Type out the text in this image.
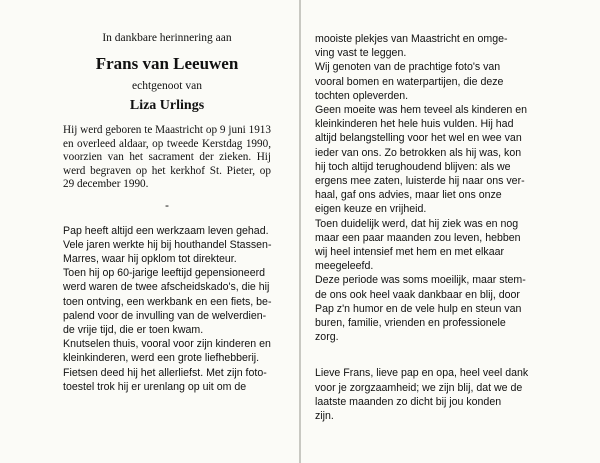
In dankbare herinnering aan
Frans van Leeuwen
echtgenoot van
Liza Urlings

Hij werd geboren te Maastricht op 9 juni 1913 en overleed aldaar, op tweede Kerstdag 1990, voorzien van het sacrament der zieken. Hij werd begraven op het kerkhof St. Pieter, op 29 december 1990.

-
Pap heeft altijd een werkzaam leven gehad.
Vele jaren werkte hij bij houthandel Stassen-
Marres, waar hij opklom tot direkteur.
Toen hij op 60-jarige leeftijd gepensioneerd
werd waren de twee afscheidskado's, die hij
toen ontving, een werkbank en een fiets, be-
palend voor de invulling van de welverdien-
de vrije tijd, die er toen kwam.
Knutselen thuis, vooral voor zijn kinderen en
kleinkinderen, werd een grote liefhebberij.
Fietsen deed hij het allerliefst. Met zijn foto-
toestel trok hij er urenlang op uit om de
mooiste plekjes van Maastricht en omge-
ving vast te leggen.
Wij genoten van de prachtige foto's van
vooral bomen en waterpartijen, die deze
tochten opleverden.
Geen moeite was hem teveel als kinderen en
kleinkinderen het hele huis vulden. Hij had
altijd belangstelling voor het wel en wee van
ieder van ons. Zo betrokken als hij was, kon
hij toch altijd terughoudend blijven: als we
ergens mee zaten, luisterde hij naar ons ver-
haal, gaf ons advies, maar liet ons onze
eigen keuze en vrijheid.
Toen duidelijk werd, dat hij ziek was en nog
maar een paar maanden zou leven, hebben
wij heel intensief met hem en met elkaar
meegeleefd.
Deze periode was soms moeilijk, maar stem-
de ons ook heel vaak dankbaar en blij, door
Pap z'n humor en de vele hulp en steun van
buren, familie, vrienden en professionele
zorg.
Lieve Frans, lieve pap en opa, heel veel dank
voor je zorgzaamheid; we zijn blij, dat we de
laatste maanden zo dicht bij jou konden
zijn.
